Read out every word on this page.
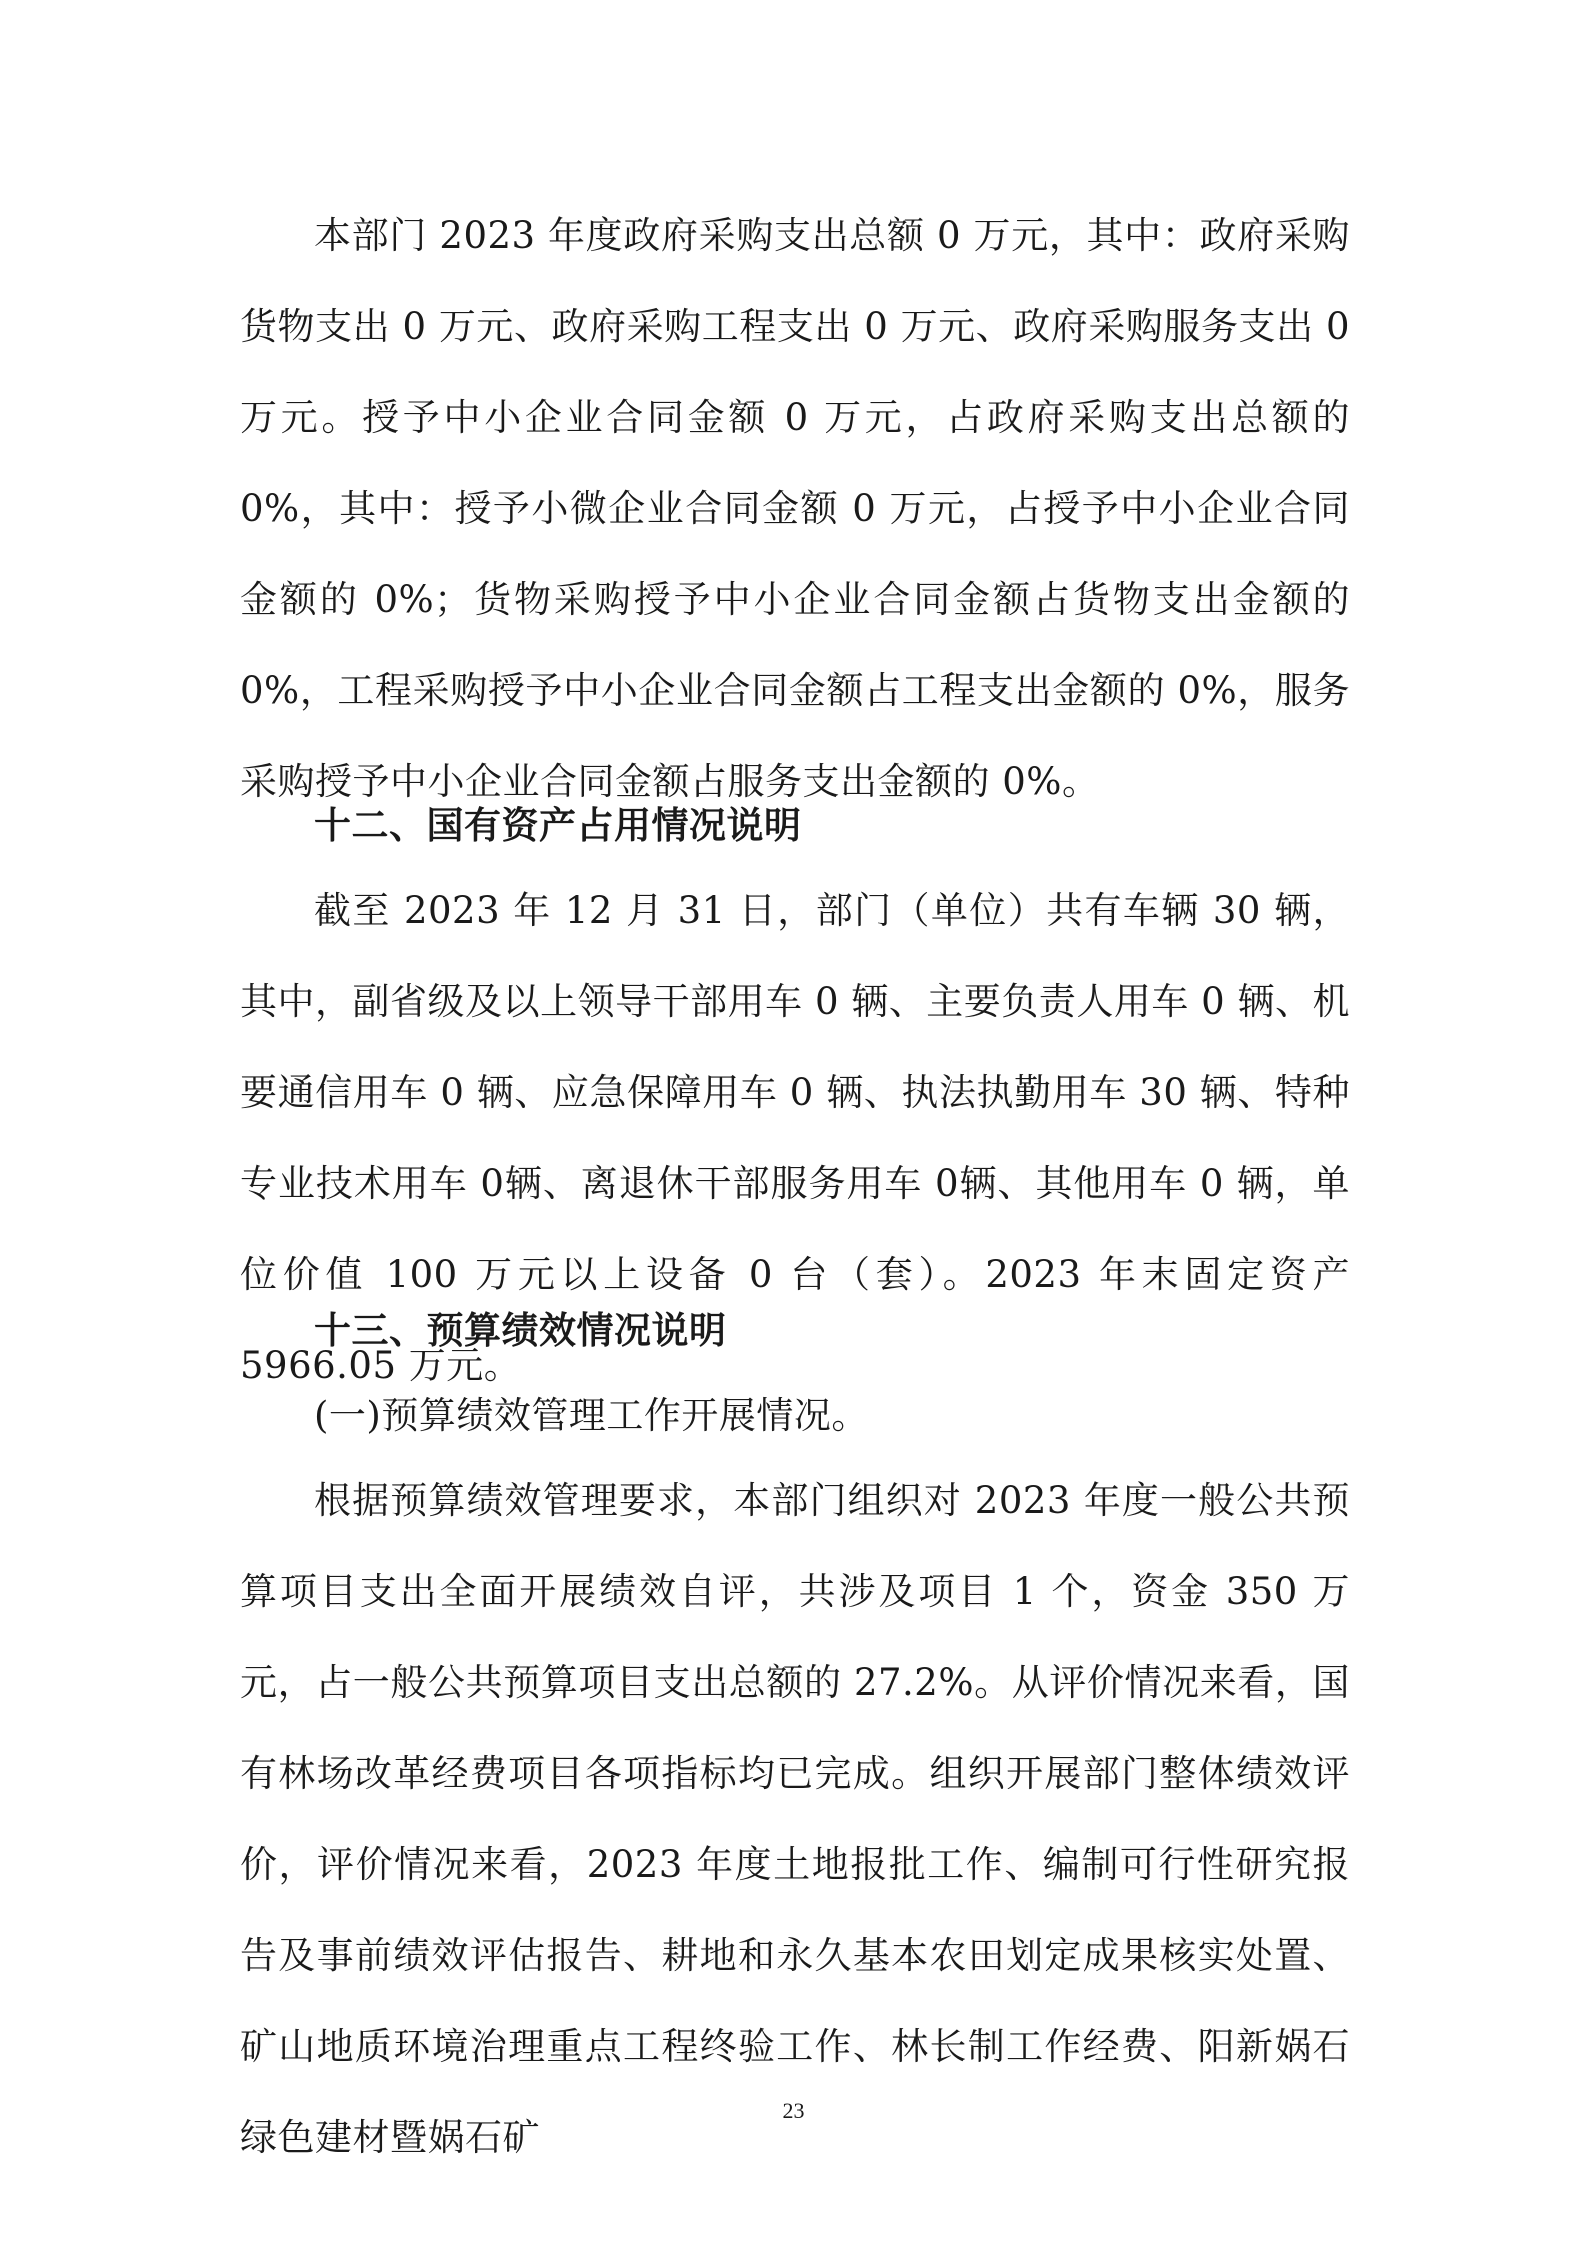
本部门 2023 年度政府采购支出总额 0 万元，其中：政府采购货物支出 0 万元、政府采购工程支出 0 万元、政府采购服务支出 0 万元。授予中小企业合同金额 0 万元，占政府采购支出总额的 0%，其中：授予小微企业合同金额 0 万元，占授予中小企业合同金额的 0%；货物采购授予中小企业合同金额占货物支出金额的 0%，工程采购授予中小企业合同金额占工程支出金额的 0%，服务采购授予中小企业合同金额占服务支出金额的 0%。

十二、国有资产占用情况说明

截至 2023 年 12 月 31 日，部门（单位）共有车辆 30 辆，其中，副省级及以上领导干部用车 0 辆、主要负责人用车 0 辆、机要通信用车 0 辆、应急保障用车 0 辆、执法执勤用车 30 辆、特种专业技术用车 0辆、离退休干部服务用车 0辆、其他用车 0 辆，单位价值 100 万元以上设备 0 台（套）。2023 年末固定资产 5966.05 万元。

十三、预算绩效情况说明

(一)预算绩效管理工作开展情况。

根据预算绩效管理要求，本部门组织对 2023 年度一般公共预算项目支出全面开展绩效自评，共涉及项目 1 个，资金 350 万元，占一般公共预算项目支出总额的 27.2%。从评价情况来看，国有林场改革经费项目各项指标均已完成。组织开展部门整体绩效评价，评价情况来看，2023 年度土地报批工作、编制可行性研究报告及事前绩效评估报告、耕地和永久基本农田划定成果核实处置、矿山地质环境治理重点工程终验工作、林长制工作经费、阳新娲石绿色建材暨娲石矿

23
